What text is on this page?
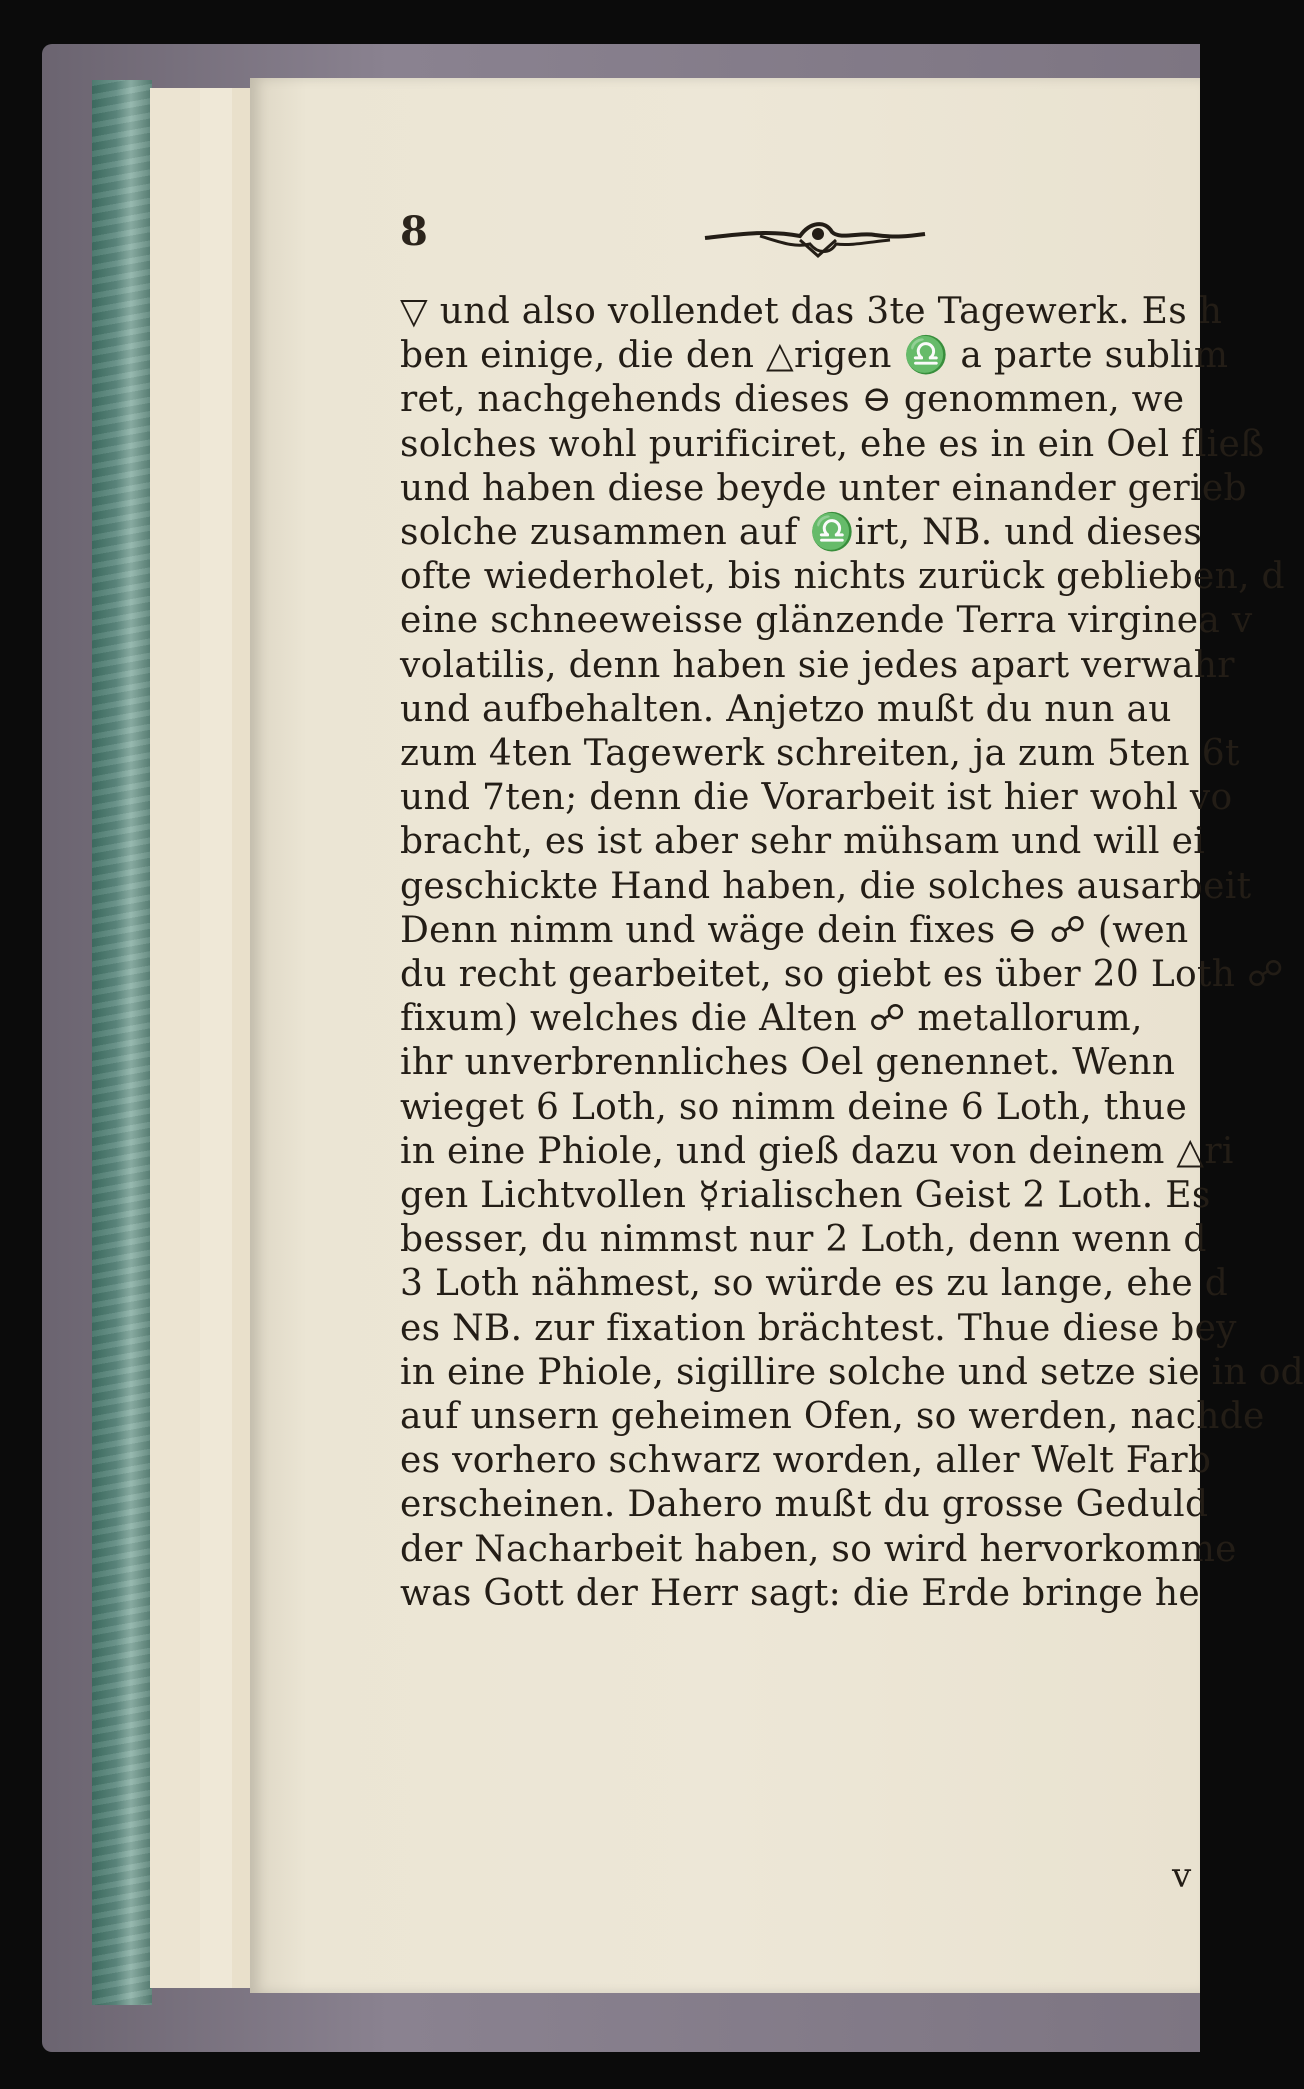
8
▽ und also vollendet das 3te Tagewerk. Es h
ben einige, die den △rigen ♎ a parte sublim
ret, nachgehends dieses ⊖ genommen, we
solches wohl purificiret, ehe es in ein Oel fließ
und haben diese beyde unter einander gerieb
solche zusammen auf ♎irt, NB. und dieses
ofte wiederholet, bis nichts zurück geblieben, d
eine schneeweisse glänzende Terra virginea v
volatilis, denn haben sie jedes apart verwahr
und aufbehalten. Anjetzo mußt du nun au
zum 4ten Tagewerk schreiten, ja zum 5ten 6t
und 7ten; denn die Vorarbeit ist hier wohl vo
bracht, es ist aber sehr mühsam und will ei
geschickte Hand haben, die solches ausarbeit
Denn nimm und wäge dein fixes ⊖ ☍ (wen
du recht gearbeitet, so giebt es über 20 Loth ☍
fixum) welches die Alten ☍ metallorum,
ihr unverbrennliches Oel genennet. Wenn
wieget 6 Loth, so nimm deine 6 Loth, thue
in eine Phiole, und gieß dazu von deinem △ri
gen Lichtvollen ☿rialischen Geist 2 Loth. Es
besser, du nimmst nur 2 Loth, denn wenn d
3 Loth nähmest, so würde es zu lange, ehe d
es NB. zur fixation brächtest. Thue diese bey
in eine Phiole, sigillire solche und setze sie in od
auf unsern geheimen Ofen, so werden, nachde
es vorhero schwarz worden, aller Welt Farb
erscheinen. Dahero mußt du grosse Geduld
der Nacharbeit haben, so wird hervorkomme
was Gott der Herr sagt: die Erde bringe he
v
